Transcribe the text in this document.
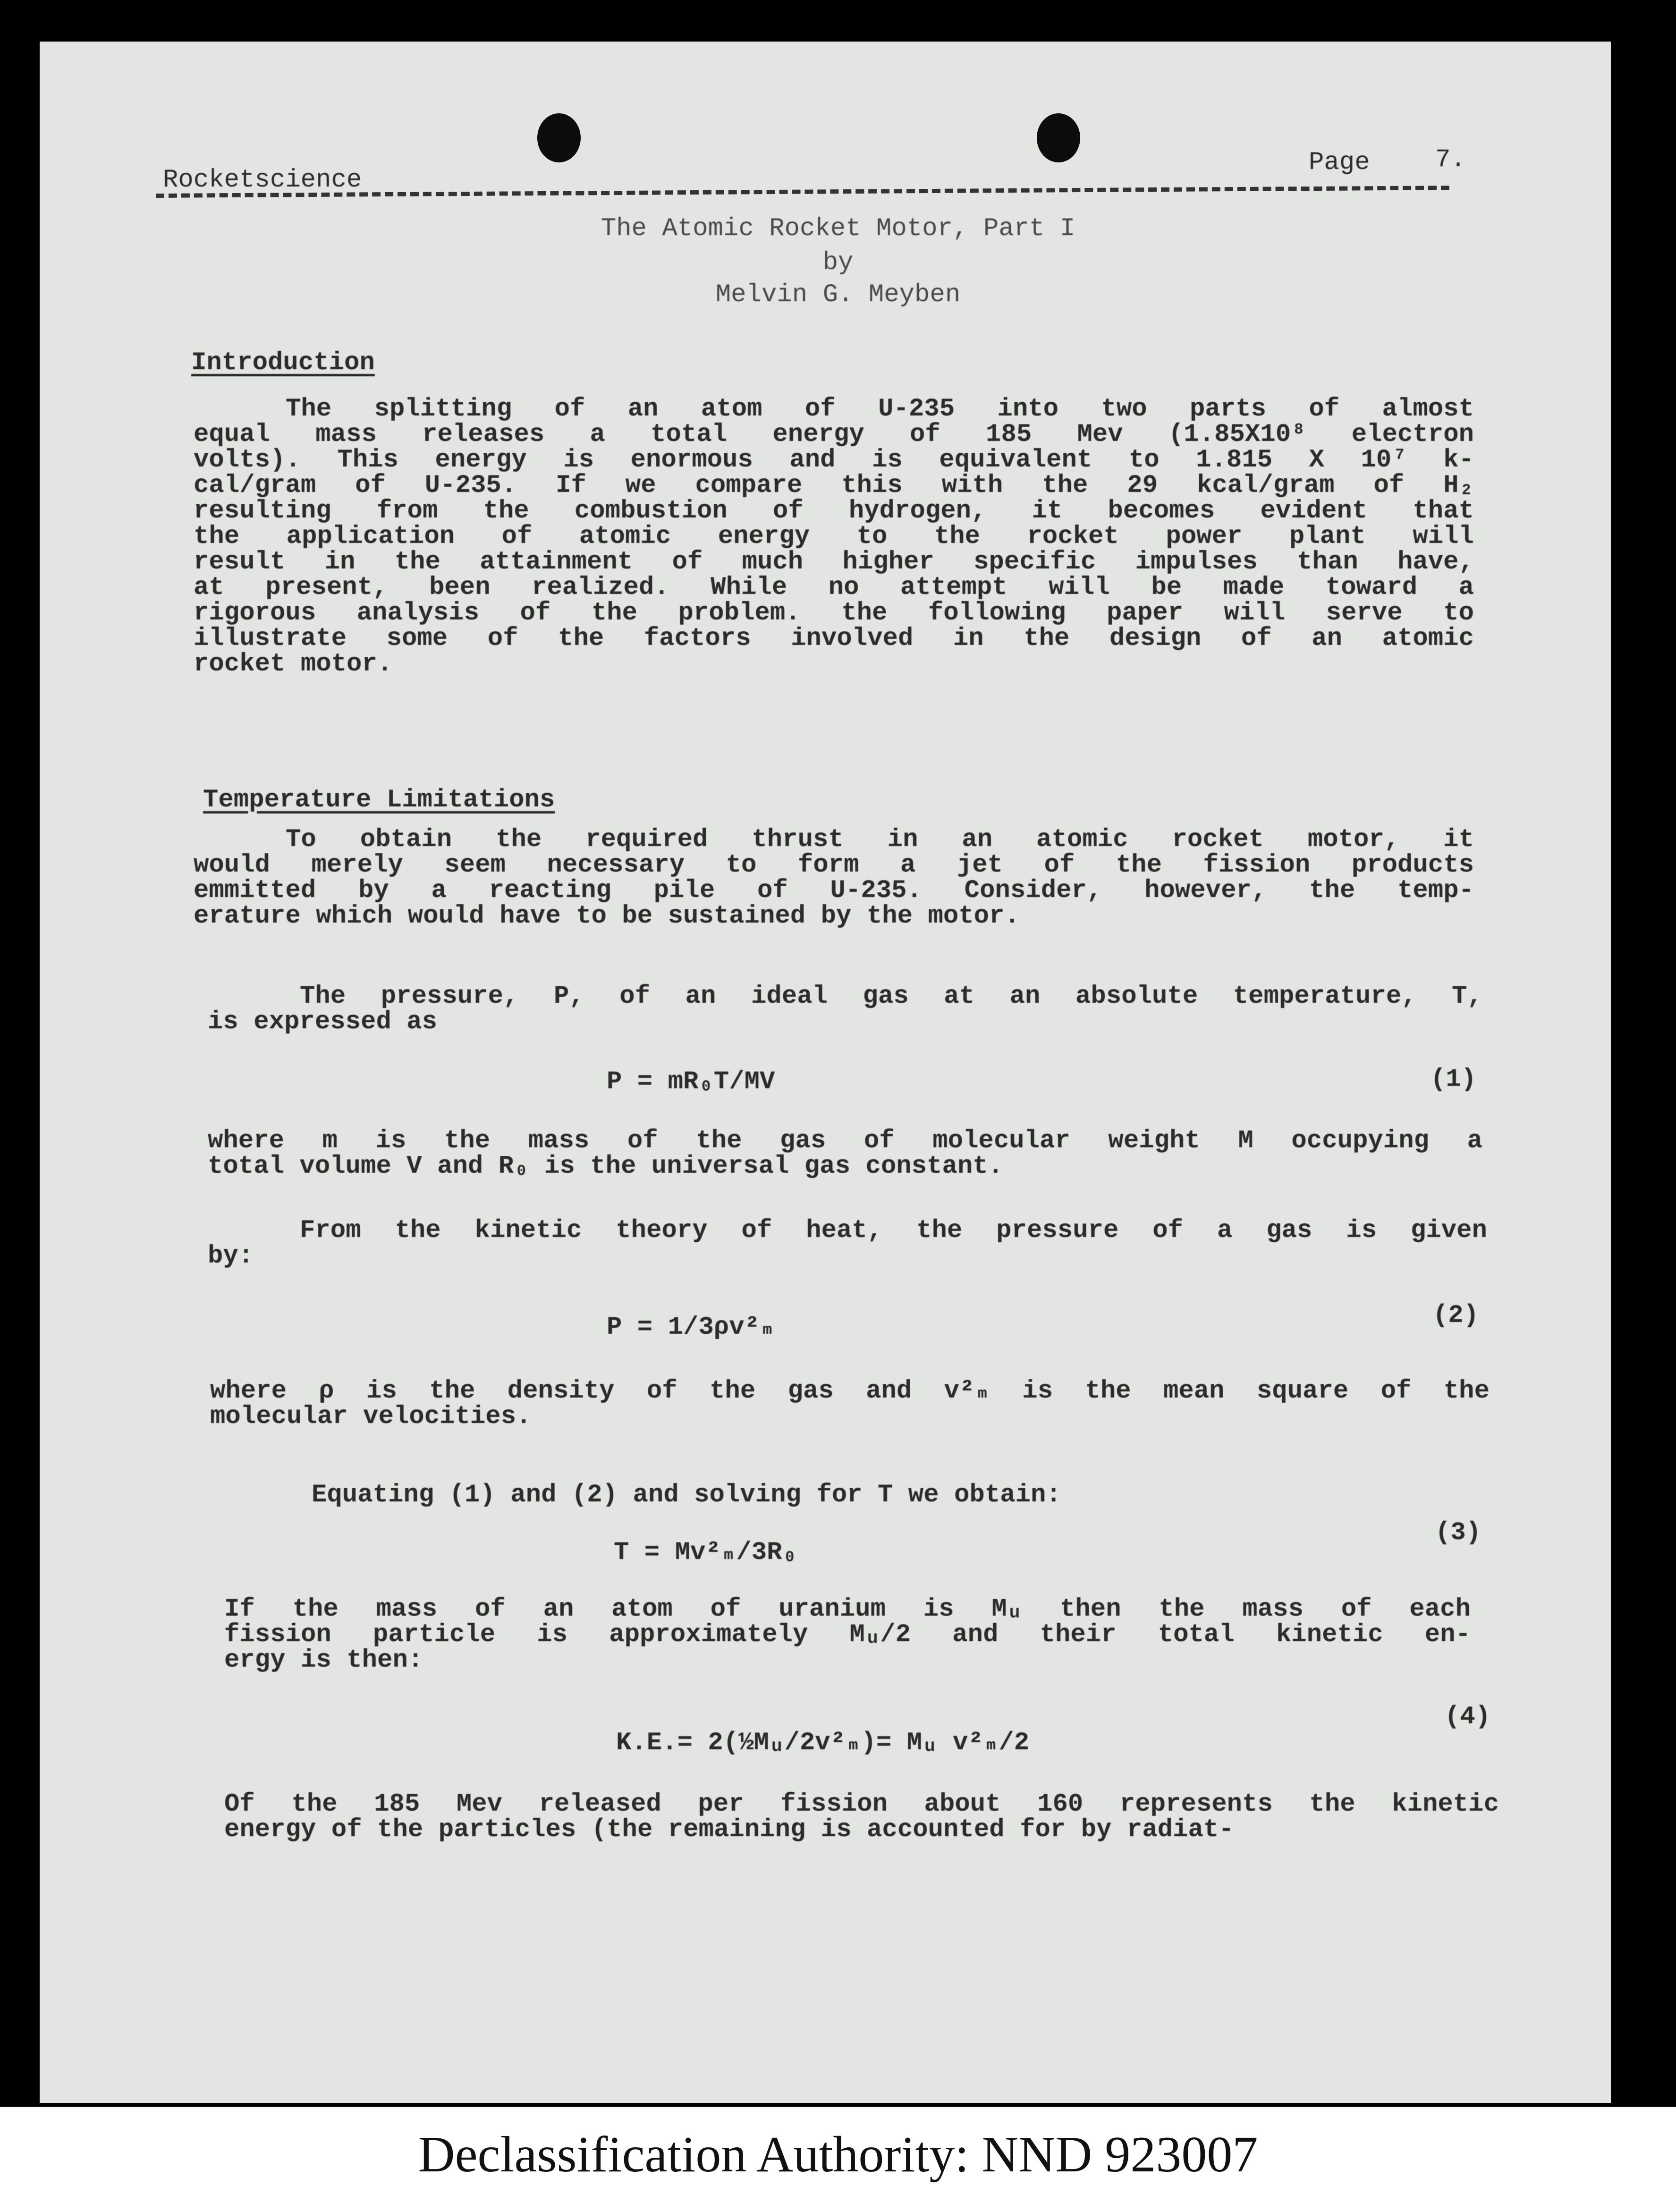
Rocketscience
Page	7.
The Atomic Rocket Motor, Part I
by
Melvin G. Meyben
Introduction
The splitting of an atom of U-235 into two parts of almost
equal mass releases a total energy of 185 Mev (1.85X10⁸ electron
volts). This energy is enormous and is equivalent to 1.815 X 10⁷ k-
cal/gram of U-235. If we compare this with the 29 kcal/gram of H₂
resulting from the combustion of hydrogen, it becomes evident that
the application of atomic energy to the rocket power plant will
result in the attainment of much higher specific impulses than have,
at present, been realized. While no attempt will be made toward a
rigorous analysis of the problem. the following paper will serve to
illustrate some of the factors involved in the design of an atomic
rocket motor.
Temperature Limitations
To obtain the required thrust in an atomic rocket motor, it
would merely seem necessary to form a jet of the fission products
emmitted by a reacting pile of U-235. Consider, however, the temp-
erature which would have to be sustained by the motor.
The pressure, P, of an ideal gas at an absolute temperature, T,
is expressed as
P = mR₀T/MV	(1)
where m is the mass of the gas of molecular weight M occupying a
total volume V and R₀ is the universal gas constant.
From the kinetic theory of heat, the pressure of a gas is given
by:
P = 1/3ρv²ₘ	(2)
where ρ is the density of the gas and v²ₘ is the mean square of the
molecular velocities.
Equating (1) and (2) and solving for T we obtain:
T = Mv²ₘ/3R₀
(3)
If the mass of an atom of uranium is Mᵤ then the mass of each
fission particle is approximately Mᵤ/2 and their total kinetic en-
ergy is then:
K.E.= 2(½Mᵤ/2v²ₘ)= Mᵤ v²ₘ/2
(4)
Of the 185 Mev released per fission about 160 represents the kinetic
energy of the particles (the remaining is accounted for by radiat-
Declassification Authority: NND 923007
